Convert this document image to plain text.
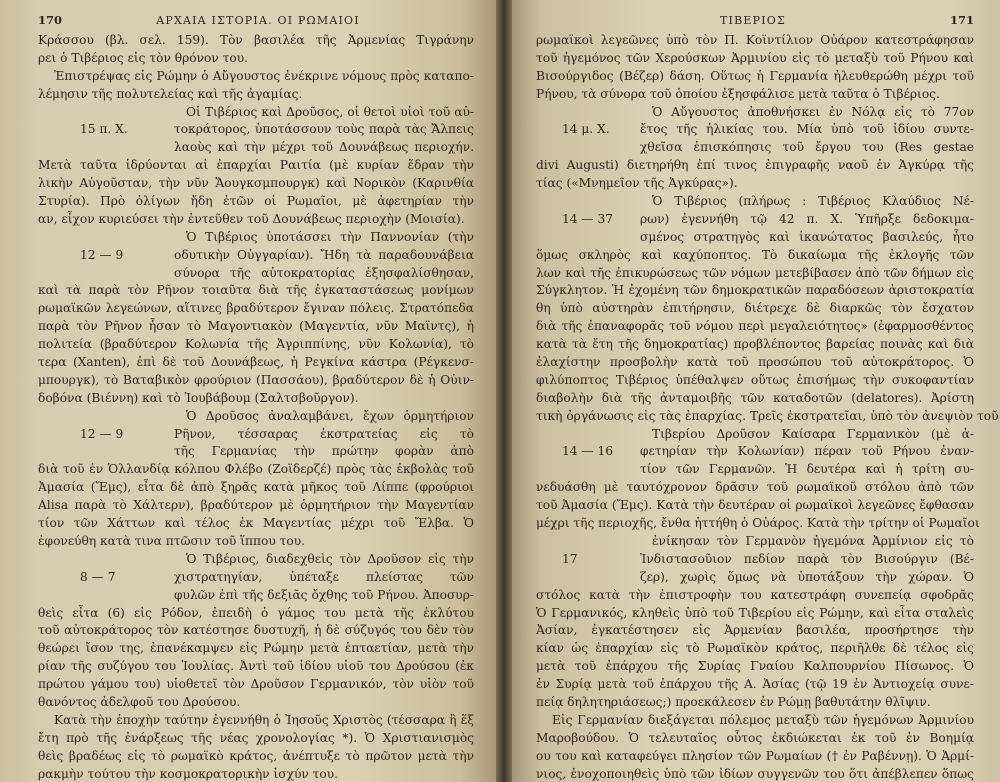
170	ΑΡΧΑΙΑ ΙΣΤΟΡΙΑ. ΟΙ ΡΩΜΑΙΟΙ
Κράσσου (βλ. σελ. 159). Τὸν βασιλέα τῆς Ἀρμενίας Τιγράνην
ρει ὁ Τιβέριος εἰς τὸν θρόνον του.
Ἐπιστρέψας εἰς Ρώμην ὁ Αὔγουστος ἐνέκρινε νόμους πρὸς καταπο-
λέμησιν τῆς πολυτελείας καὶ τῆς ἀγαμίας.
Οἱ Τιβέριος καὶ Δροῦσος, οἱ θετοὶ υἱοὶ τοῦ αὐ-
15 π. Χ.	τοκράτορος, ὑποτάσσουν τοὺς παρὰ τὰς Ἄλπεις
λαοὺς καὶ τὴν μέχρι τοῦ Δουνάβεως περιοχήν.
Μετὰ ταῦτα ἱδρύονται αἱ ἐπαρχίαι Ραιτία (μὲ κυρίαν ἕδραν τὴν
λικὴν Αὐγοῦσταν, τὴν νῦν Ἄουγκσμπουργκ) καὶ Νορικὸν (Καρινθία
Στυρία). Πρὸ ὀλίγων ἤδη ἐτῶν οἱ Ρωμαῖοι, μὲ ἀφετηρίαν τὴν
αν, εἶχον κυριεύσει τὴν ἐντεῦθεν τοῦ Δουνάβεως περιοχὴν (Μοισία).
Ὁ Τιβέριος ὑποτάσσει τὴν Παννονίαν (τὴν
12 — 9	οδυτικὴν Οὐγγαρίαν). Ἤδη τὰ παραδουνάβεια
σύνορα τῆς αὐτοκρατορίας ἐξησφαλίσθησαν,
καὶ τὰ παρὰ τὸν Ρῆνον τοιαῦτα διὰ τῆς ἐγκαταστάσεως μονίμων
ρωμαϊκῶν λεγεώνων, αἵτινες βραδύτερον ἔγιναν πόλεις. Στρατόπεδα
παρὰ τὸν Ρῆνον ἦσαν τὸ Μαγοντιακὸν (Μαγεντία, νῦν Μαϊντς), ἡ
πολιτεία (βραδύτερον Κολωνία τῆς Ἀγριππίνης, νῦν Κολωνία), τὸ
τερα (Xanten), ἐπὶ δὲ τοῦ Δουνάβεως, ἡ Ρεγκίνα κάστρα (Ρέγκενσ-
μπουργκ), τὸ Βαταβικὸν φρούριον (Πασσάου), βραδύτερον δὲ ἡ Οὐιν-
δοβόνα (Βιέννη) καὶ τὸ Ἰουβάβουμ (Σαλτσβοῦργον).
Ὁ Δροῦσος ἀναλαμβάνει, ἔχων ὁρμητήριον
12 — 9	Ρῆνον, τέσσαρας ἐκστρατείας εἰς τὸ
τῆς Γερμανίας τὴν πρώτην φορὰν ἀπὸ
διὰ τοῦ ἐν Ὁλλανδίᾳ κόλπου Φλέβο (Ζοϊδερζέ) πρὸς τὰς ἐκβολὰς τοῦ
Ἀμασία (Ἔμς), εἶτα δὲ ἀπὸ ξηρᾶς κατὰ μῆκος τοῦ Λίππε (φρούριοι
Alisa παρὰ τὸ Χάλτερν), βραδύτερον μὲ ὁρμητήριον τὴν Μαγεντίαν
τίον τῶν Χάττων καὶ τέλος ἐκ Μαγεντίας μέχρι τοῦ Ἔλβα. Ὁ
ἐφονεύθη κατὰ τινα πτῶσιν τοῦ ἵππου του.
Ὁ Τιβέριος, διαδεχθεὶς τὸν Δροῦσον εἰς τὴν
8 — 7	χιστρατηγίαν, ὑπέταξε πλείστας τῶν
φυλῶν ἐπὶ τῆς δεξιᾶς ὄχθης τοῦ Ρήνου. Ἀποσυρ-
θεὶς εἶτα (6) εἰς Ρόδον, ἐπειδὴ ὁ γάμος του μετὰ τῆς ἐκλύτου
τοῦ αὐτοκράτορος τὸν κατέστησε δυστυχῆ, ἡ δὲ σύζυγός του δὲν τὸν
θεώρει ἴσον της, ἐπανέκαμψεν εἰς Ρώμην μετὰ ἑπταετίαν, μετὰ τὴν
ρίαν τῆς συζύγου του Ἰουλίας. Ἀντὶ τοῦ ἰδίου υἱοῦ του Δρούσου (ἐκ
πρώτου γάμου του) υἱοθετεῖ τὸν Δροῦσον Γερμανικόν, τὸν υἱὸν τοῦ
θανόντος ἀδελφοῦ του Δρούσου.
Κατὰ τὴν ἐποχὴν ταύτην ἐγεννήθη ὁ Ἰησοῦς Χριστὸς (τέσσαρα ἢ ἕξ
ἔτη πρὸ τῆς ἐνάρξεως τῆς νέας χρονολογίας *). Ὁ Χριστιανισμὸς
θεὶς βραδέως εἰς τὸ ρωμαϊκὸ κράτος, ἀνέπτυξε τὸ πρῶτον μετὰ τὴν
ρακμὴν τούτου τὴν κοσμοκρατορικὴν ἰσχύν του.
ΤΙΒΕΡΙΟΣ	171
ρωμαϊκοὶ λεγεῶνες ὑπὸ τὸν Π. Κοϊντίλιον Οὐάρον κατεστράφησαν
τοῦ ἡγεμόνος τῶν Χερούσκων Ἀρμινίου εἰς τὸ μεταξὺ τοῦ Ρήνου καὶ
Βισούργιδος (Βέζερ) δάση. Οὕτως ἡ Γερμανία ἠλευθερώθη μέχρι τοῦ
Ρήνου, τὰ σύνορα τοῦ ὁποίου ἐξησφάλισε μετὰ ταῦτα ὁ Τιβέριος.
Ὁ Αὔγουστος ἀποθνήσκει ἐν Νόλᾳ εἰς τὸ 77ον
14 μ. Χ.	ἔτος τῆς ἡλικίας του. Μία ὑπὸ τοῦ ἰδίου συντε-
χθεῖσα ἐπισκόπησις τοῦ ἔργου του (Res gestae
divi Augusti) διετηρήθη ἐπί τινος ἐπιγραφῆς ναοῦ ἐν Ἀγκύρᾳ τῆς
τίας («Μνημεῖον τῆς Ἀγκύρας»).
Ὁ Τιβέριος (πλήρως : Τιβέριος Κλαύδιος Νέ-
14 — 37	ρων) ἐγεννήθη τῷ 42 π. Χ. Ὑπῆρξε δεδοκιμα-
σμένος στρατηγὸς καὶ ἱκανώτατος βασιλεύς, ἦτο
ὅμως σκληρὸς καὶ καχύποπτος. Τὸ δικαίωμα τῆς ἐκλογῆς τῶν
λων καὶ τῆς ἐπικυρώσεως τῶν νόμων μετεβίβασεν ἀπὸ τῶν δήμων εἰς
Σύγκλητον. Ἡ ἐχομένη τῶν δημοκρατικῶν παραδόσεων ἀριστοκρατία
θη ὑπὸ αὐστηρὰν ἐπιτήρησιν, διέτρεχε δὲ διαρκῶς τὸν ἔσχατον
διὰ τῆς ἐπαναφορᾶς τοῦ νόμου περὶ μεγαλειότητος» (ἐφαρμοσθέντος
κατὰ τὰ ἔτη τῆς δημοκρατίας) προβλέποντος βαρείας ποινὰς καὶ διὰ
ἐλαχίστην προσβολὴν κατὰ τοῦ προσώπου τοῦ αὐτοκράτορος. Ὁ
φιλύποπτος Τιβέριος ὑπέθαλψεν οὕτως ἐπισήμως τὴν συκοφαντίαν
διαβολὴν διὰ τῆς ἀνταμοιβῆς τῶν καταδοτῶν (delatores). Ἀρίστη
τικὴ ὀργάνωσις εἰς τὰς ἐπαρχίας. Τρεῖς ἐκστρατεῖαι, ὑπὸ τὸν ἀνεψιὸν τοῦ
Τιβερίου Δροῦσον Καίσαρα Γερμανικὸν (μὲ ἀ-
14 — 16	φετηρίαν τὴν Κολωνίαν) πέραν τοῦ Ρήνου ἐναν-
τίον τῶν Γερμανῶν. Ἡ δευτέρα καὶ ἡ τρίτη συ-
νεδυάσθη μὲ ταυτόχρονον δρᾶσιν τοῦ ρωμαϊκοῦ στόλου ἀπὸ τῶν
τοῦ Ἀμασία (Ἔμς). Κατὰ τὴν δευτέραν οἱ ρωμαϊκοὶ λεγεῶνες ἔφθασαν
μέχρι τῆς περιοχῆς, ἔνθα ἡττήθη ὁ Οὐάρος. Κατὰ τὴν τρίτην οἱ Ρωμαῖοι
ἐνίκησαν τὸν Γερμανὸν ἡγεμόνα Ἀρμίνιον εἰς τὸ
17	Ἰνδιστασοῦιον πεδίον παρὰ τὸν Βισούργιν (Βέ-
ζερ), χωρὶς ὅμως νὰ ὑποτάξουν τὴν χώραν. Ὁ
στόλος κατὰ τὴν ἐπιστροφὴν του κατεστράφη συνεπείᾳ σφοδρᾶς
Ὁ Γερμανικός, κληθεὶς ὑπὸ τοῦ Τιβερίου εἰς Ρώμην, καὶ εἶτα σταλεὶς
Ἀσίαν, ἐγκατέστησεν εἰς Ἀρμενίαν βασιλέα, προσήρτησε τὴν
κίαν ὡς ἐπαρχίαν εἰς τὸ Ρωμαϊκὸν κράτος, περιῆλθε δὲ τέλος εἰς
μετὰ τοῦ ἐπάρχου τῆς Συρίας Γναίου Καλπουρνίου Πίσωνος. Ὁ
ἐν Συρίᾳ μετὰ τοῦ ἐπάρχου τῆς Α. Ἀσίας (τῷ 19 ἐν Ἀντιοχείᾳ συνε-
πείᾳ δηλητηριάσεως;) προεκάλεσεν ἐν Ρώμῃ βαθυτάτην θλῖψιν.
Εἰς Γερμανίαν διεξάγεται πόλεμος μεταξὺ τῶν ἡγεμόνων Ἀρμινίου
Μαροβούδου. Ὁ τελευταῖος οὗτος ἐκδιώκεται ἐκ τοῦ ἐν Βοημίᾳ
ου του καὶ καταφεύγει πλησίον τῶν Ρωμαίων († ἐν Ραβέννῃ). Ὁ Ἀρμί-
νιος, ἐνοχοποιηθεὶς ὑπὸ τῶν ἰδίων συγγενῶν του ὅτι ἀπέβλεπεν ὅπως
